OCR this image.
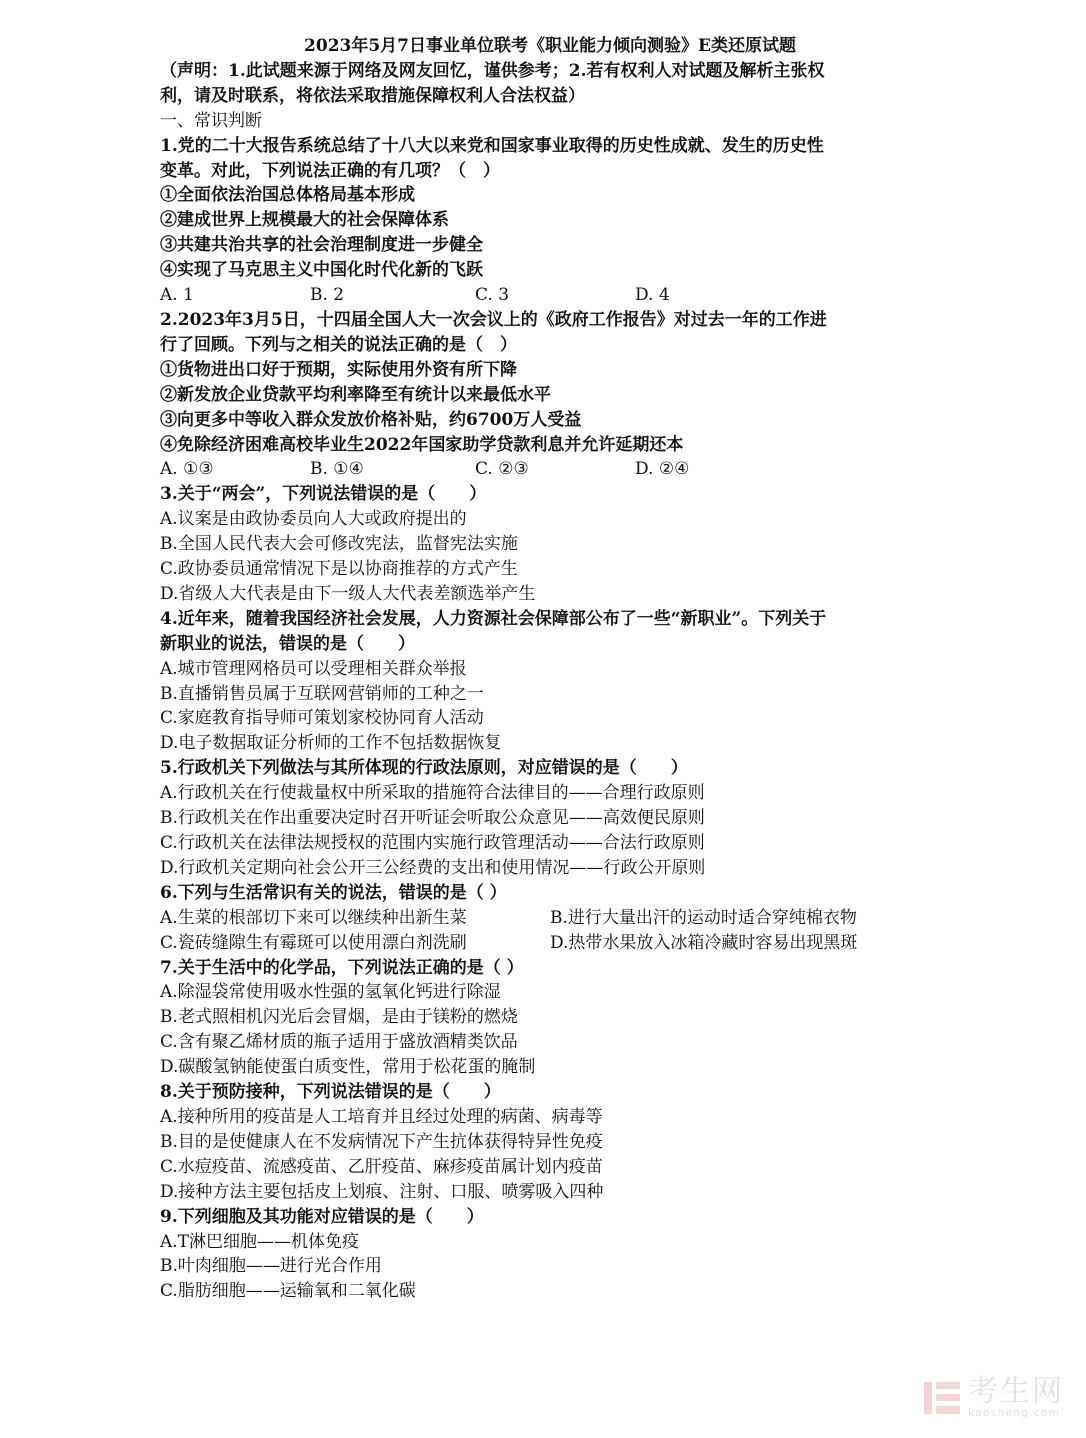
2023年5月7日事业单位联考《职业能力倾向测验》E类还原试题

（声明：1.此试题来源于网络及网友回忆，谨供参考；2.若有权利人对试题及解析主张权

利，请及时联系，将依法采取措施保障权利人合法权益）

一、常识判断

1.党的二十大报告系统总结了十八大以来党和国家事业取得的历史性成就、发生的历史性

变革。对此，下列说法正确的有几项？（　）

①全面依法治国总体格局基本形成

②建成世界上规模最大的社会保障体系

③共建共治共享的社会治理制度进一步健全

④实现了马克思主义中国化时代化新的飞跃

A. 1	B. 2	C. 3	D. 4

2.2023年3月5日，十四届全国人大一次会议上的《政府工作报告》对过去一年的工作进

行了回顾。下列与之相关的说法正确的是（　）

①货物进出口好于预期，实际使用外资有所下降

②新发放企业贷款平均利率降至有统计以来最低水平

③向更多中等收入群众发放价格补贴，约6700万人受益

④免除经济困难高校毕业生2022年国家助学贷款利息并允许延期还本

A. ①③	B. ①④	C. ②③	D. ②④

3.关于“两会”，下列说法错误的是（　　）

A.议案是由政协委员向人大或政府提出的

B.全国人民代表大会可修改宪法，监督宪法实施

C.政协委员通常情况下是以协商推荐的方式产生

D.省级人大代表是由下一级人大代表差额选举产生

4.近年来，随着我国经济社会发展，人力资源社会保障部公布了一些“新职业”。下列关于

新职业的说法，错误的是（　　）

A.城市管理网格员可以受理相关群众举报

B.直播销售员属于互联网营销师的工种之一

C.家庭教育指导师可策划家校协同育人活动

D.电子数据取证分析师的工作不包括数据恢复

5.行政机关下列做法与其所体现的行政法原则，对应错误的是（　　）

A.行政机关在行使裁量权中所采取的措施符合法律目的——合理行政原则

B.行政机关在作出重要决定时召开听证会听取公众意见——高效便民原则

C.行政机关在法律法规授权的范围内实施行政管理活动——合法行政原则

D.行政机关定期向社会公开三公经费的支出和使用情况——行政公开原则

6.下列与生活常识有关的说法，错误的是（ ）

A.生菜的根部切下来可以继续种出新生菜	B.进行大量出汗的运动时适合穿纯棉衣物
C.瓷砖缝隙生有霉斑可以使用漂白剂洗刷	D.热带水果放入冰箱冷藏时容易出现黑斑

7.关于生活中的化学品，下列说法正确的是（ ）

A.除湿袋常使用吸水性强的氢氧化钙进行除湿

B.老式照相机闪光后会冒烟，是由于镁粉的燃烧

C.含有聚乙烯材质的瓶子适用于盛放酒精类饮品

D.碳酸氢钠能使蛋白质变性，常用于松花蛋的腌制

8.关于预防接种，下列说法错误的是（　　）

A.接种所用的疫苗是人工培育并且经过处理的病菌、病毒等

B.目的是使健康人在不发病情况下产生抗体获得特异性免疫

C.水痘疫苗、流感疫苗、乙肝疫苗、麻疹疫苗属计划内疫苗

D.接种方法主要包括皮上划痕、注射、口服、喷雾吸入四种

9.下列细胞及其功能对应错误的是（　　）

A.T淋巴细胞——机体免疫

B.叶肉细胞——进行光合作用

C.脂肪细胞——运输氧和二氧化碳

考生网
kaosheng.com
